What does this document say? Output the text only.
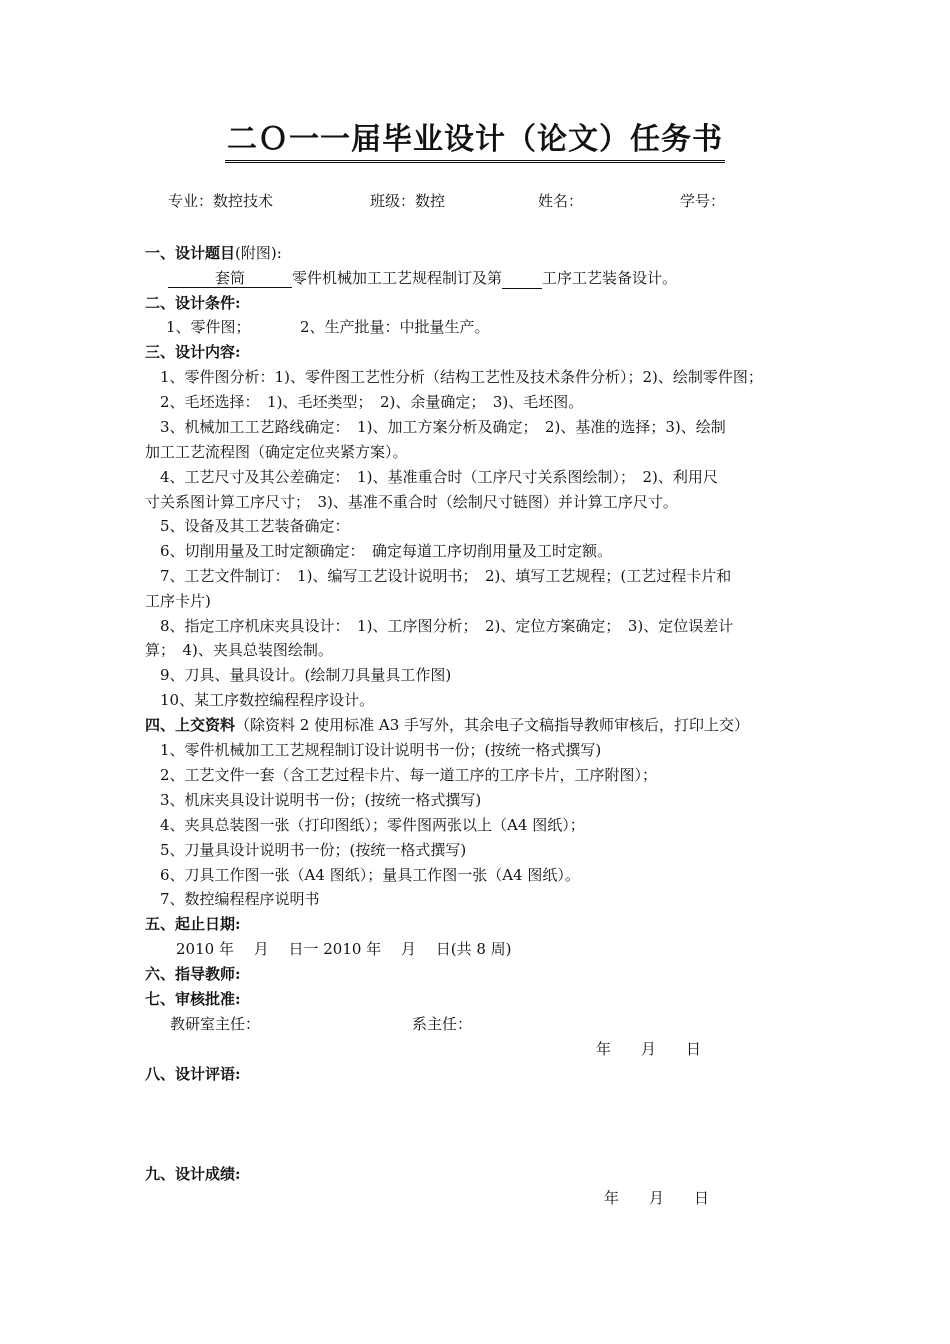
二Ｏ一一届毕业设计（论文）任务书
专业：数控技术	班级：数控	姓名：	学号：
一、设计题目(附图):
套筒	零件机械加工工艺规程制订及第	工序工艺装备设计。
二、设计条件:
1、零件图；	2、生产批量：中批量生产。
三、设计内容:
1、零件图分析：1)、零件图工艺性分析（结构工艺性及技术条件分析）；2)、绘制零件图；
2、毛坯选择：　1)、毛坯类型；　2)、余量确定；　3)、毛坯图。
3、机械加工工艺路线确定：　1)、加工方案分析及确定；　2)、基准的选择；3)、绘制
加工工艺流程图（确定定位夹紧方案）。
4、工艺尺寸及其公差确定：　1)、基准重合时（工序尺寸关系图绘制）；　2)、利用尺
寸关系图计算工序尺寸；　3)、基准不重合时（绘制尺寸链图）并计算工序尺寸。
5、设备及其工艺装备确定：
6、切削用量及工时定额确定：　确定每道工序切削用量及工时定额。
7、工艺文件制订：　1)、编写工艺设计说明书；　2)、填写工艺规程；(工艺过程卡片和
工序卡片)
8、指定工序机床夹具设计：　1)、工序图分析；　2)、定位方案确定；　3)、定位误差计
算；　4)、夹具总装图绘制。
9、刀具、量具设计。(绘制刀具量具工作图)
10、某工序数控编程程序设计。
四、上交资料（除资料 2 使用标准 A3 手写外，其余电子文稿指导教师审核后，打印上交）
1、零件机械加工工艺规程制订设计说明书一份；(按统一格式撰写)
2、工艺文件一套（含工艺过程卡片、每一道工序的工序卡片，工序附图）；
3、机床夹具设计说明书一份；(按统一格式撰写)
4、夹具总装图一张（打印图纸）；零件图两张以上（A4 图纸）；
5、刀量具设计说明书一份；(按统一格式撰写)
6、刀具工作图一张（A4 图纸）；量具工作图一张（A4 图纸）。
7、数控编程程序说明书
五、起止日期:
2010 年　 月　 日一 2010 年　 月　 日(共 8 周)
六、指导教师:
七、审核批准:
教研室主任：	系主任：
年　　月　　日
八、设计评语:
九、设计成绩:
年　　月　　日
